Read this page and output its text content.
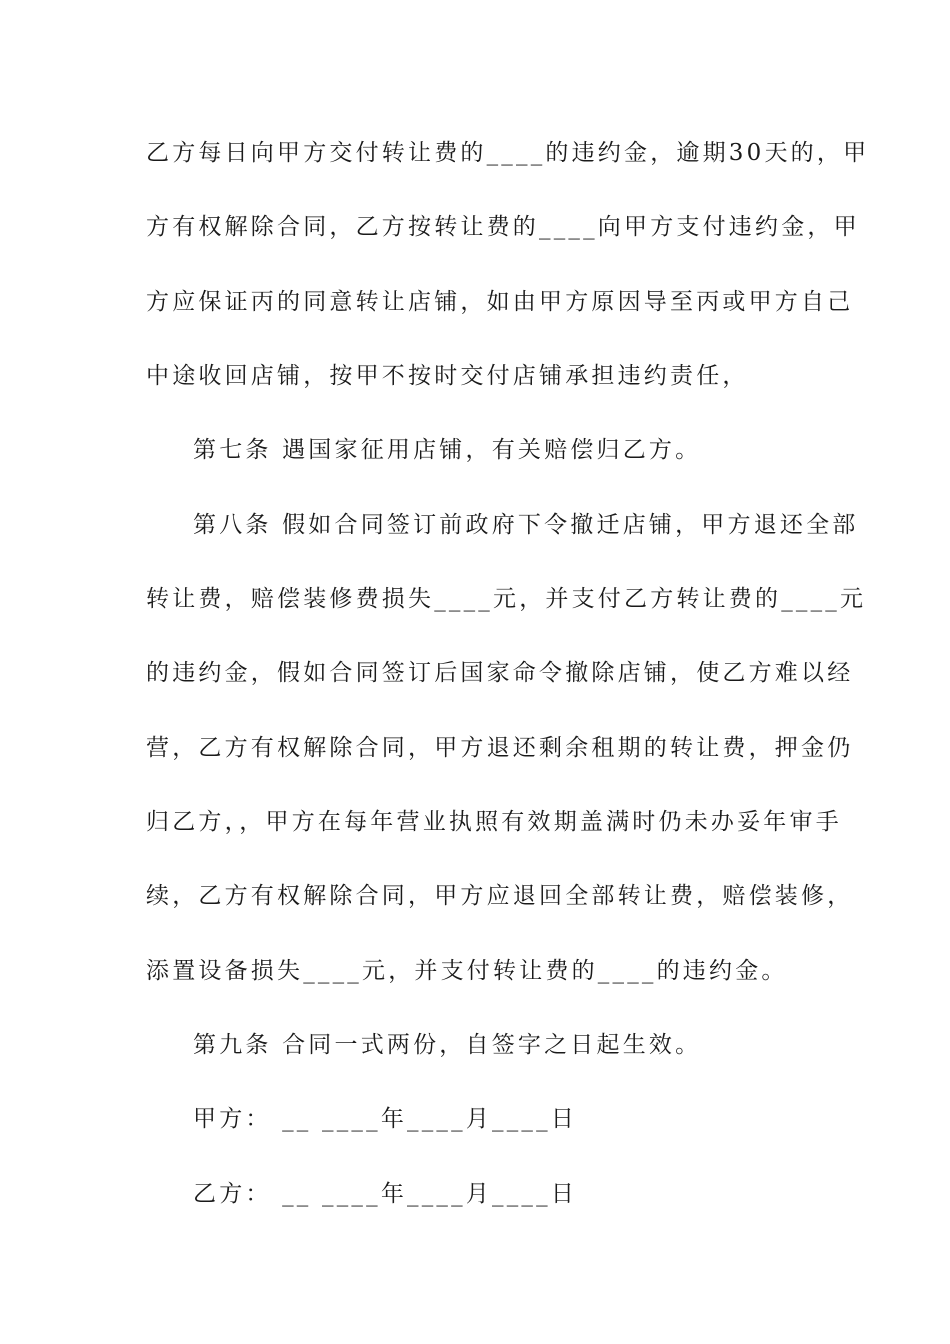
乙方每日向甲方交付转让费的____的违约金，逾期30天的，甲
方有权解除合同，乙方按转让费的____向甲方支付违约金，甲
方应保证丙的同意转让店铺，如由甲方原因导至丙或甲方自己
中途收回店铺，按甲不按时交付店铺承担违约责任，
第七条 遇国家征用店铺，有关赔偿归乙方。
第八条 假如合同签订前政府下令撤迁店铺，甲方退还全部
转让费，赔偿装修费损失____元，并支付乙方转让费的____元
的违约金，假如合同签订后国家命令撤除店铺，使乙方难以经
营，乙方有权解除合同，甲方退还剩余租期的转让费，押金仍
归乙方，，甲方在每年营业执照有效期盖满时仍未办妥年审手
续，乙方有权解除合同，甲方应退回全部转让费，赔偿装修，
添置设备损失____元，并支付转让费的____的违约金。
第九条 合同一式两份，自签字之日起生效。
甲方： __ ____年____月____日
乙方： __ ____年____月____日
